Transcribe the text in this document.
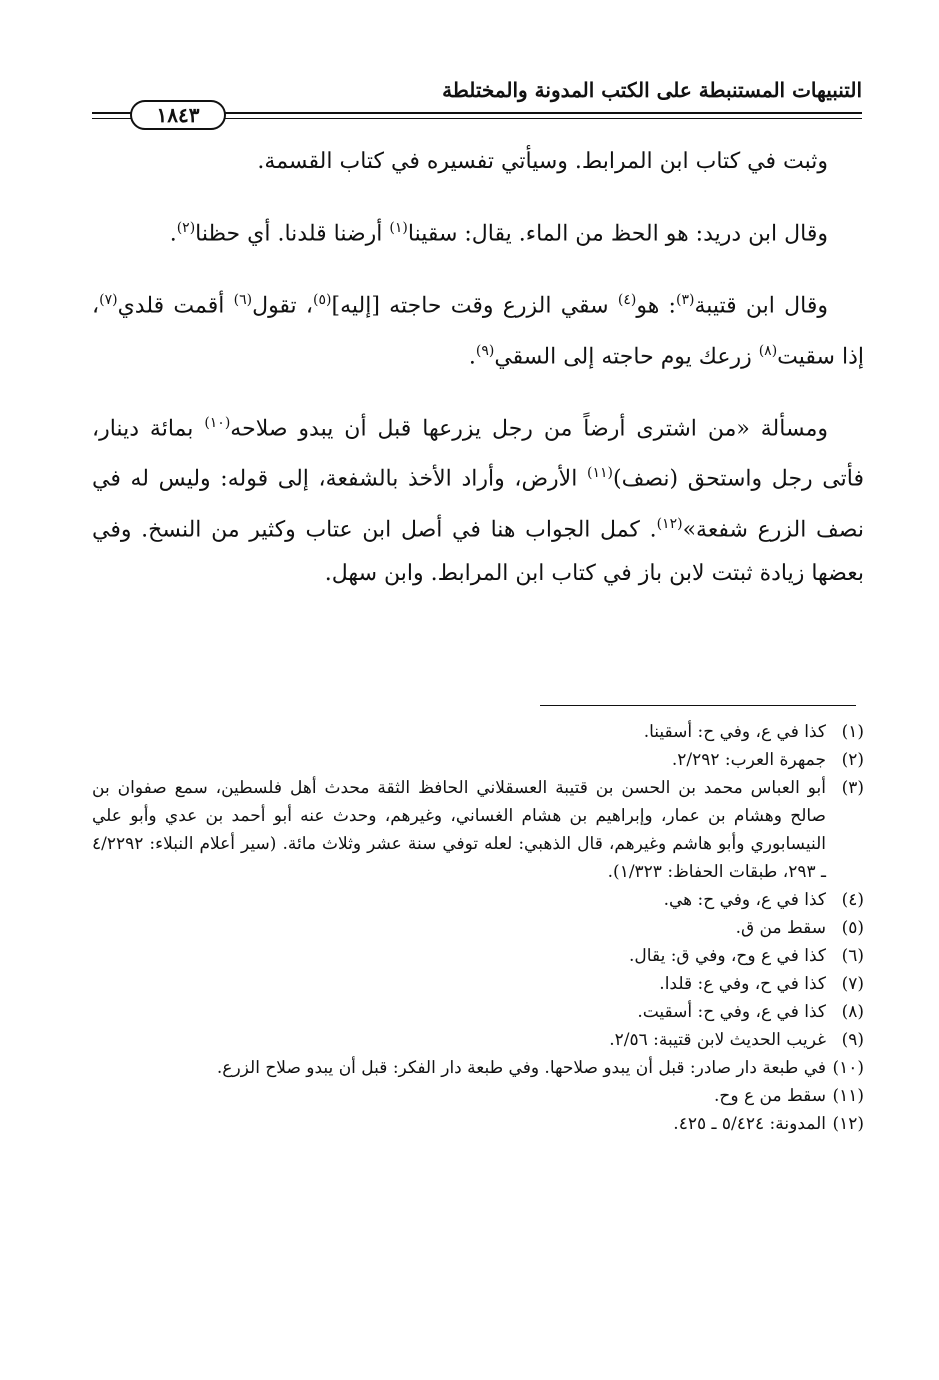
التنبيهات المستنبطة على الكتب المدونة والمختلطة
١٨٤٣

وثبت في كتاب ابن المرابط. وسيأتي تفسيره في كتاب القسمة.

وقال ابن دريد: هو الحظ من الماء. يقال: سقينا$^{(١)}$ أرضنا قلدنا. أي حظنا$^{(٢)}$.

وقال ابن قتيبة$^{(٣)}$: هو$^{(٤)}$ سقي الزرع وقت حاجته [إليه]$^{(٥)}$، تقول$^{(٦)}$ أقمت قلدي$^{(٧)}$، إذا سقيت$^{(٨)}$ زرعك يوم حاجته إلى السقي$^{(٩)}$.

ومسألة «من اشترى أرضاً من رجل يزرعها قبل أن يبدو صلاحه$^{(١٠)}$ بمائة دينار، فأتى رجل واستحق (نصف)$^{(١١)}$ الأرض، وأراد الأخذ بالشفعة، إلى قوله: وليس له في نصف الزرع شفعة»$^{(١٢)}$. كمل الجواب هنا في أصل ابن عتاب وكثير من النسخ. وفي بعضها زيادة ثبتت لابن باز في كتاب ابن المرابط. وابن سهل.

(١)
كذا في ع، وفي ح: أسقينا.
(٢)
جمهرة العرب: ٢/٢٩٢.
(٣)
أبو العباس محمد بن الحسن بن قتيبة العسقلاني الحافظ الثقة محدث أهل فلسطين، سمع صفوان بن صالح وهشام بن عمار، وإبراهيم بن هشام الغساني، وغيرهم، وحدث عنه أبو أحمد بن عدي وأبو علي النيسابوري وأبو هاشم وغيرهم، قال الذهبي: لعله توفي سنة عشر وثلاث مائة. (سير أعلام النبلاء: ٤/٢٢٩٢ ـ ٢٩٣، طبقات الحفاظ: ١/٣٢٣).
(٤)
كذا في ع، وفي ح: هي.
(٥)
سقط من ق.
(٦)
كذا في ع وح، وفي ق: يقال.
(٧)
كذا في ح، وفي ع: قلدا.
(٨)
كذا في ع، وفي ح: أسقيت.
(٩)
غريب الحديث لابن قتيبة: ٢/٥٦.
(١٠)
في طبعة دار صادر: قبل أن يبدو صلاحها. وفي طبعة دار الفكر: قبل أن يبدو صلاح الزرع.
(١١)
سقط من ع وح.
(١٢)
المدونة: ٥/٤٢٤ ـ ٤٢٥.
